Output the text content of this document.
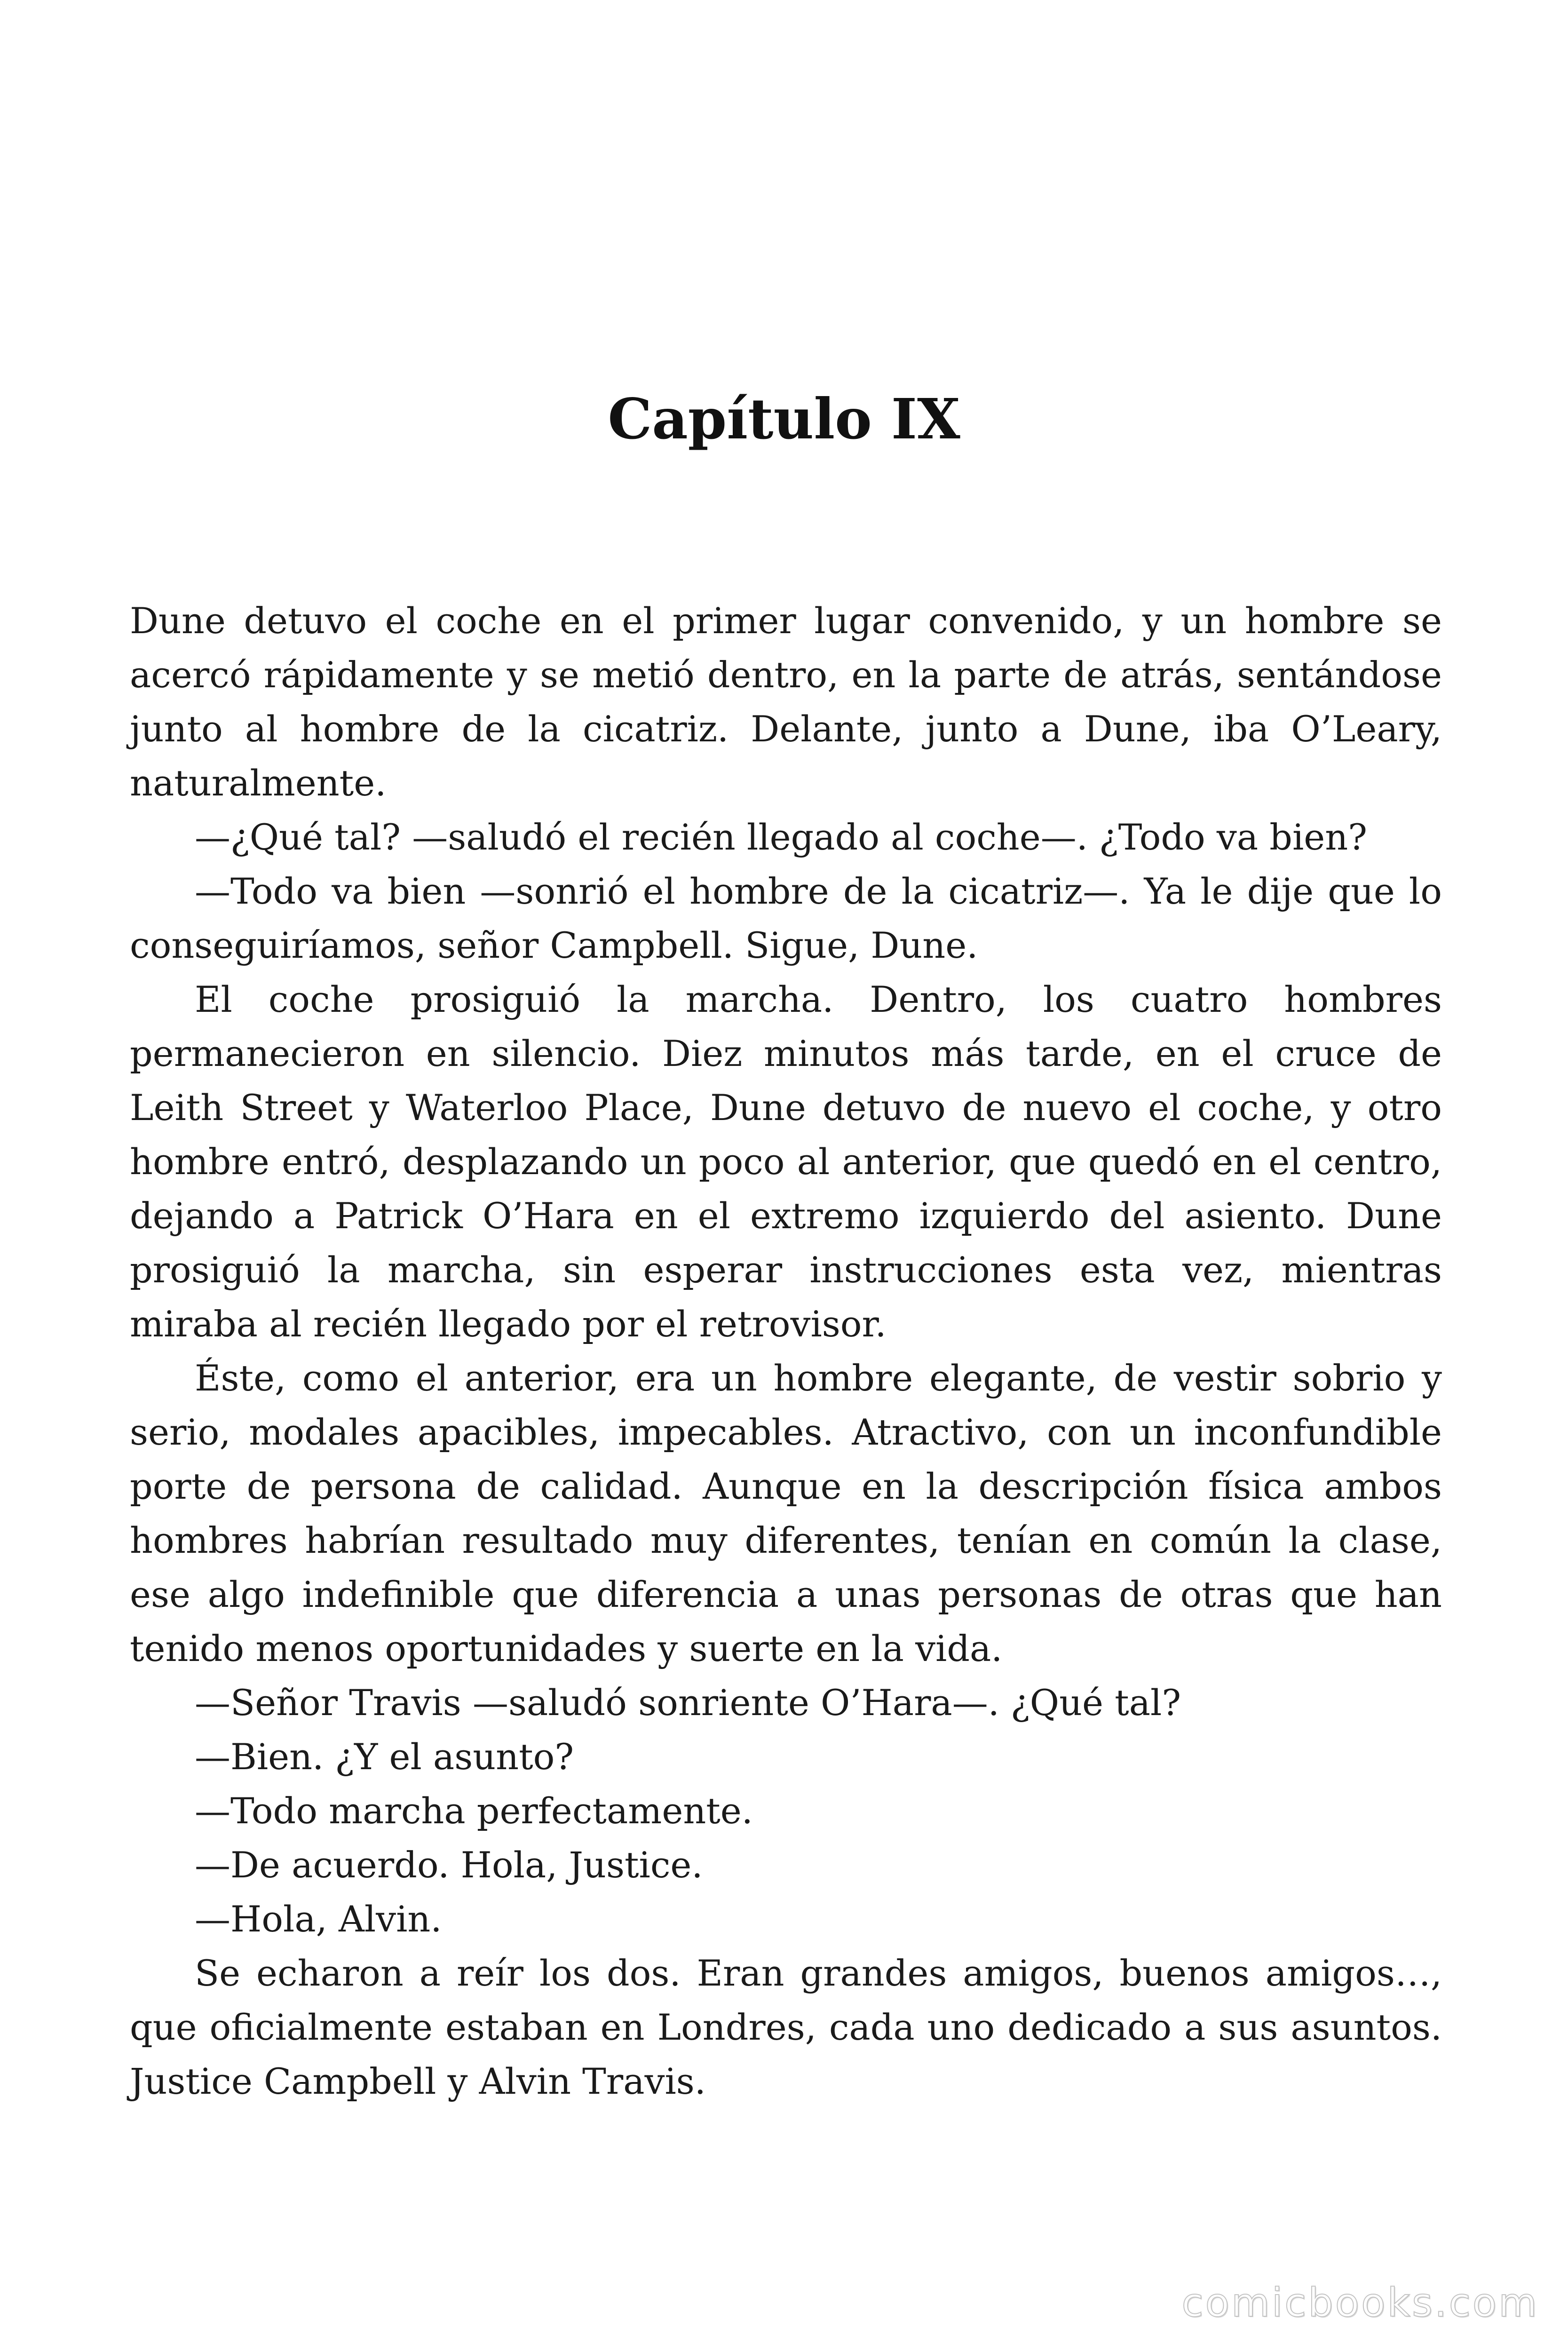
Capítulo IX

Dune detuvo el coche en el primer lugar convenido, y un hombre se acercó rápidamente y se metió dentro, en la parte de atrás, sentándose junto al hombre de la cicatriz. Delante, junto a Dune, iba O’Leary, naturalmente.

—¿Qué tal? —saludó el recién llegado al coche—. ¿Todo va bien?

—Todo va bien —sonrió el hombre de la cicatriz—. Ya le dije que lo conseguiríamos, señor Campbell. Sigue, Dune.

El coche prosiguió la marcha. Dentro, los cuatro hombres permanecieron en silencio. Diez minutos más tarde, en el cruce de Leith Street y Waterloo Place, Dune detuvo de nuevo el coche, y otro hombre entró, desplazando un poco al anterior, que quedó en el centro, dejando a Patrick O’Hara en el extremo izquierdo del asiento. Dune prosiguió la marcha, sin esperar instrucciones esta vez, mientras miraba al recién llegado por el retrovisor.

Éste, como el anterior, era un hombre elegante, de vestir sobrio y serio, modales apacibles, impecables. Atractivo, con un inconfundible porte de persona de calidad. Aunque en la descripción física ambos hombres habrían resultado muy diferentes, tenían en común la clase, ese algo indefinible que diferencia a unas personas de otras que han tenido menos oportunidades y suerte en la vida.

—Señor Travis —saludó sonriente O’Hara—. ¿Qué tal?

—Bien. ¿Y el asunto?

—Todo marcha perfectamente.

—De acuerdo. Hola, Justice.

—Hola, Alvin.

Se echaron a reír los dos. Eran grandes amigos, buenos amigos…, que oficialmente estaban en Londres, cada uno dedicado a sus asuntos. Justice Campbell y Alvin Travis.

comicbooks.com
